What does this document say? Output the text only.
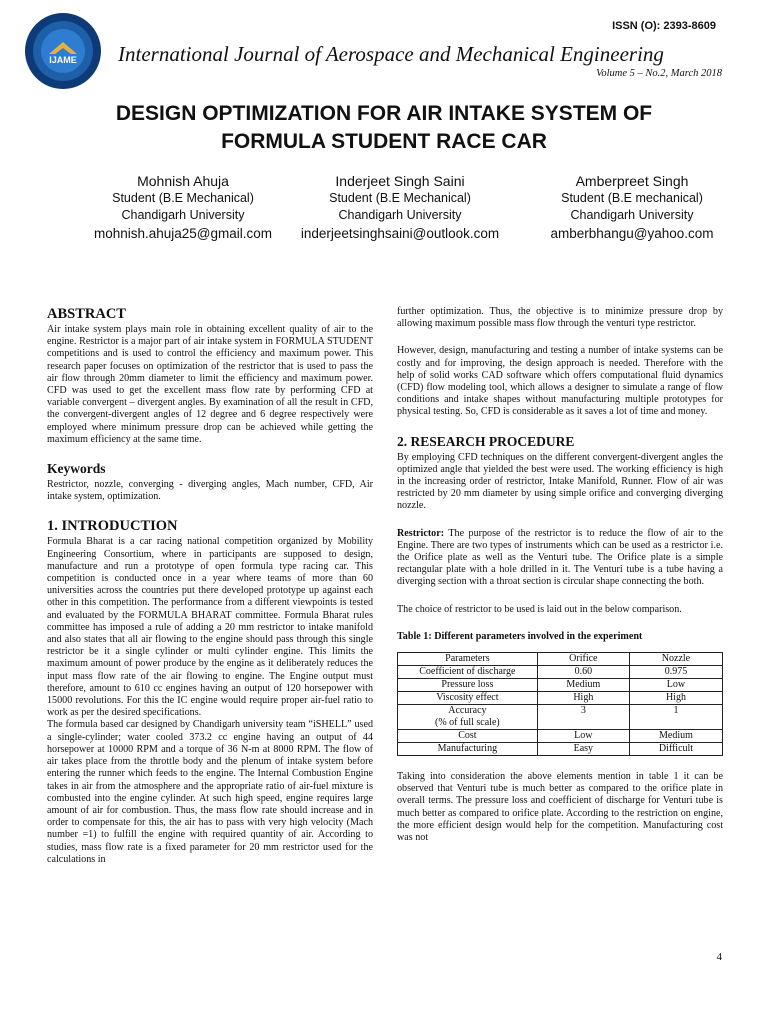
IJAME
ISSN (O): 2393-8609
International Journal of Aerospace and Mechanical Engineering
Volume 5 – No.2, March 2018
DESIGN OPTIMIZATION FOR AIR INTAKE SYSTEM OF
FORMULA STUDENT RACE CAR
Mohnish Ahuja
Student (B.E Mechanical)
Chandigarh University
mohnish.ahuja25@gmail.com
Inderjeet Singh Saini
Student (B.E Mechanical)
Chandigarh University
inderjeetsinghsaini@outlook.com
Amberpreet Singh
Student (B.E mechanical)
Chandigarh University
amberbhangu@yahoo.com
ABSTRACT

Air intake system plays main role in obtaining excellent quality of air to the engine. Restrictor is a major part of air intake system in FORMULA STUDENT competitions and is used to control the efficiency and maximum power. This research paper focuses on optimization of the restrictor that is used to pass the air flow through 20mm diameter to limit the efficiency and maximum power. CFD was used to get the excellent mass flow rate by performing CFD at variable convergent – divergent angles. By examination of all the result in CFD, the convergent-divergent angles of 12 degree and 6 degree respectively were employed where minimum pressure drop can be achieved while getting the maximum efficiency at the same time.

Keywords

Restrictor, nozzle, converging - diverging angles, Mach number, CFD, Air intake system, optimization.

1. INTRODUCTION

Formula Bharat is a car racing national competition organized by Mobility Engineering Consortium, where in participants are supposed to design, manufacture and run a prototype of open formula type racing car. This competition is conducted once in a year where teams of more than 60 universities across the countries put there developed prototype up against each other in this competition. The performance from a different viewpoints is tested and evaluated by the FORMULA BHARAT committee. Formula Bharat rules committee has imposed a rule of adding a 20 mm restrictor to intake manifold and also states that all air flowing to the engine should pass through this single restrictor be it a single cylinder or multi cylinder engine. This limits the maximum amount of power produce by the engine as it deliberately reduces the input mass flow rate of the air flowing to engine. The Engine output must therefore, amount to 610 cc engines having an output of 120 horsepower with 15000 revolutions. For this the IC engine would require proper air-fuel ratio to work as per the desired specifications.

The formula based car designed by Chandigarh university team “iSHELL” used a single-cylinder; water cooled 373.2 cc engine having an output of 44 horsepower at 10000 RPM and a torque of 36 N-m at 8000 RPM. The flow of air takes place from the throttle body and the plenum of intake system before entering the runner which feeds to the engine. The Internal Combustion Engine takes in air from the atmosphere and the appropriate ratio of air-fuel mixture is combusted into the engine cylinder. At such high speed, engine requires large amount of air for combustion. Thus, the mass flow rate should increase and in order to compensate for this, the air has to pass with very high velocity (Mach number =1) to fulfill the engine with required quantity of air. According to studies, mass flow rate is a fixed parameter for 20 mm restrictor used for the calculations in

further optimization. Thus, the objective is to minimize pressure drop by allowing maximum possible mass flow through the venturi type restrictor.

However, design, manufacturing and testing a number of intake systems can be costly and for improving, the design approach is needed. Therefore with the help of solid works CAD software which offers computational fluid dynamics (CFD) flow modeling tool, which allows a designer to simulate a range of flow conditions and intake shapes without manufacturing multiple prototypes for physical testing. So, CFD is considerable as it saves a lot of time and money.

2. RESEARCH PROCEDURE

By employing CFD techniques on the different convergent-divergent angles the optimized angle that yielded the best were used. The working efficiency is high in the increasing order of restrictor, Intake Manifold, Runner. Flow of air was restricted by 20 mm diameter by using simple orifice and converging diverging nozzle.

Restrictor: The purpose of the restrictor is to reduce the flow of air to the Engine. There are two types of instruments which can be used as a restrictor i.e. the Orifice plate as well as the Venturi tube. The Orifice plate is a simple rectangular plate with a hole drilled in it. The Venturi tube is a tube having a diverging section with a throat section is circular shape connecting the both.

The choice of restrictor to be used is laid out in the below comparison.

Table 1: Different parameters involved in the experiment
Parameters	Orifice	Nozzle
Coefficient of discharge	0.60	0.975
Pressure loss	Medium	Low
Viscosity effect	High	High

Accuracy
(% of full scale)	3	1
Cost	Low	Medium
Manufacturing	Easy	Difficult

Taking into consideration the above elements mention in table 1 it can be observed that Venturi tube is much better as compared to the orifice plate in overall terms. The pressure loss and coefficient of discharge for Venturi tube is much better as compared to orifice plate. According to the restriction on engine, the more efficient design would help for the competition. Manufacturing cost was not

4
